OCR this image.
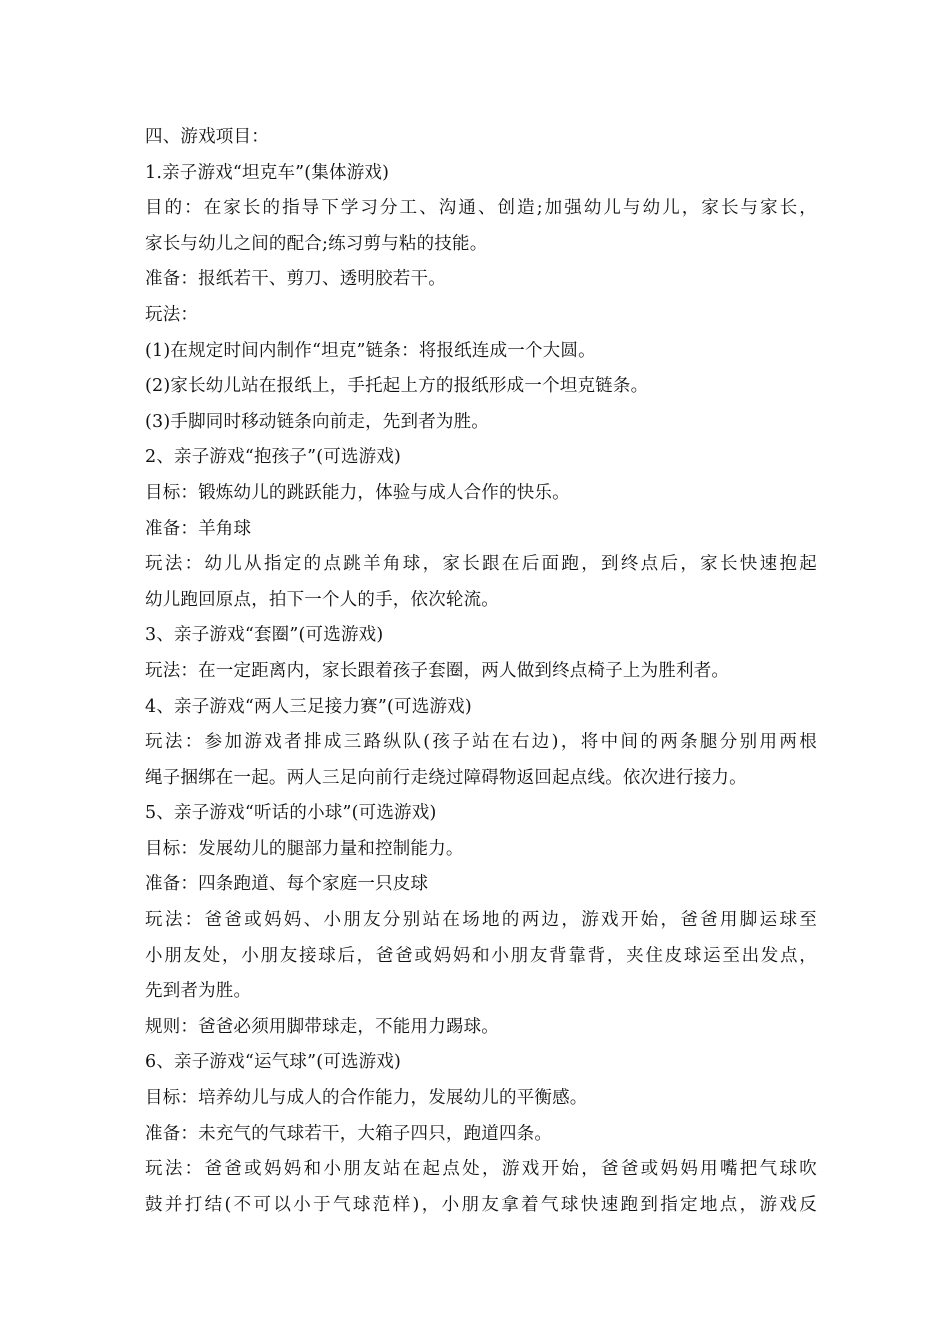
四、游戏项目：
1.亲子游戏“坦克车”(集体游戏)
目的：在家长的指导下学习分工、沟通、创造;加强幼儿与幼儿，家长与家长，
家长与幼儿之间的配合;练习剪与粘的技能。
准备：报纸若干、剪刀、透明胶若干。
玩法：
(1)在规定时间内制作“坦克”链条：将报纸连成一个大圆。
(2)家长幼儿站在报纸上，手托起上方的报纸形成一个坦克链条。
(3)手脚同时移动链条向前走，先到者为胜。
2、亲子游戏“抱孩子”(可选游戏)
目标：锻炼幼儿的跳跃能力，体验与成人合作的快乐。
准备：羊角球
玩法：幼儿从指定的点跳羊角球，家长跟在后面跑，到终点后，家长快速抱起
幼儿跑回原点，拍下一个人的手，依次轮流。
3、亲子游戏“套圈”(可选游戏)
玩法：在一定距离内，家长跟着孩子套圈，两人做到终点椅子上为胜利者。
4、亲子游戏“两人三足接力赛”(可选游戏)
玩法：参加游戏者排成三路纵队(孩子站在右边)，将中间的两条腿分别用两根
绳子捆绑在一起。两人三足向前行走绕过障碍物返回起点线。依次进行接力。
5、亲子游戏“听话的小球”(可选游戏)
目标：发展幼儿的腿部力量和控制能力。
准备：四条跑道、每个家庭一只皮球
玩法：爸爸或妈妈、小朋友分别站在场地的两边，游戏开始，爸爸用脚运球至
小朋友处，小朋友接球后，爸爸或妈妈和小朋友背靠背，夹住皮球运至出发点，
先到者为胜。
规则：爸爸必须用脚带球走，不能用力踢球。
6、亲子游戏“运气球”(可选游戏)
目标：培养幼儿与成人的合作能力，发展幼儿的平衡感。
准备：未充气的气球若干，大箱子四只，跑道四条。
玩法：爸爸或妈妈和小朋友站在起点处，游戏开始，爸爸或妈妈用嘴把气球吹
鼓并打结(不可以小于气球范样)，小朋友拿着气球快速跑到指定地点，游戏反
